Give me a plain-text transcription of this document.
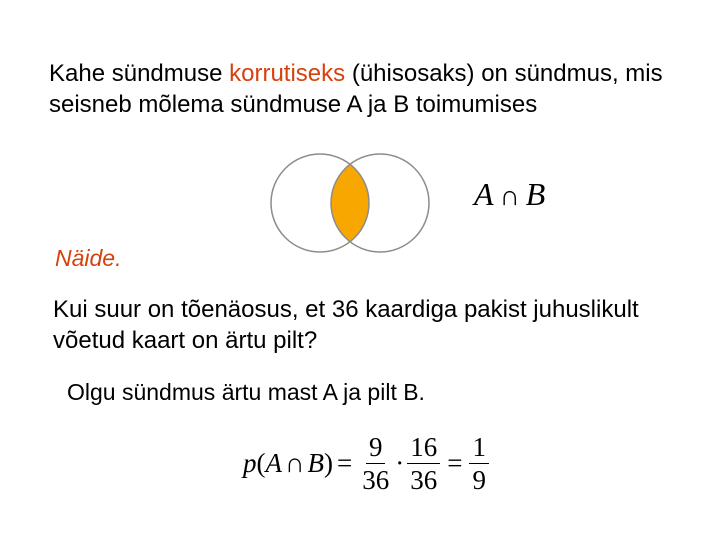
Kahe sündmuse korrutiseks (ühisosaks) on sündmus, mis seisneb mõlema sündmuse A ja B toimumises
A ∩ B
Näide.
Kui suur on tõenäosus, et 36 kaardiga pakist juhuslikult võetud kaart on ärtu pilt?
Olgu sündmus ärtu mast A ja pilt B.
p ( A ∩ B ) = $\frac{9}{36} \cdot \frac{16}{36} = \frac{1}{9}$
